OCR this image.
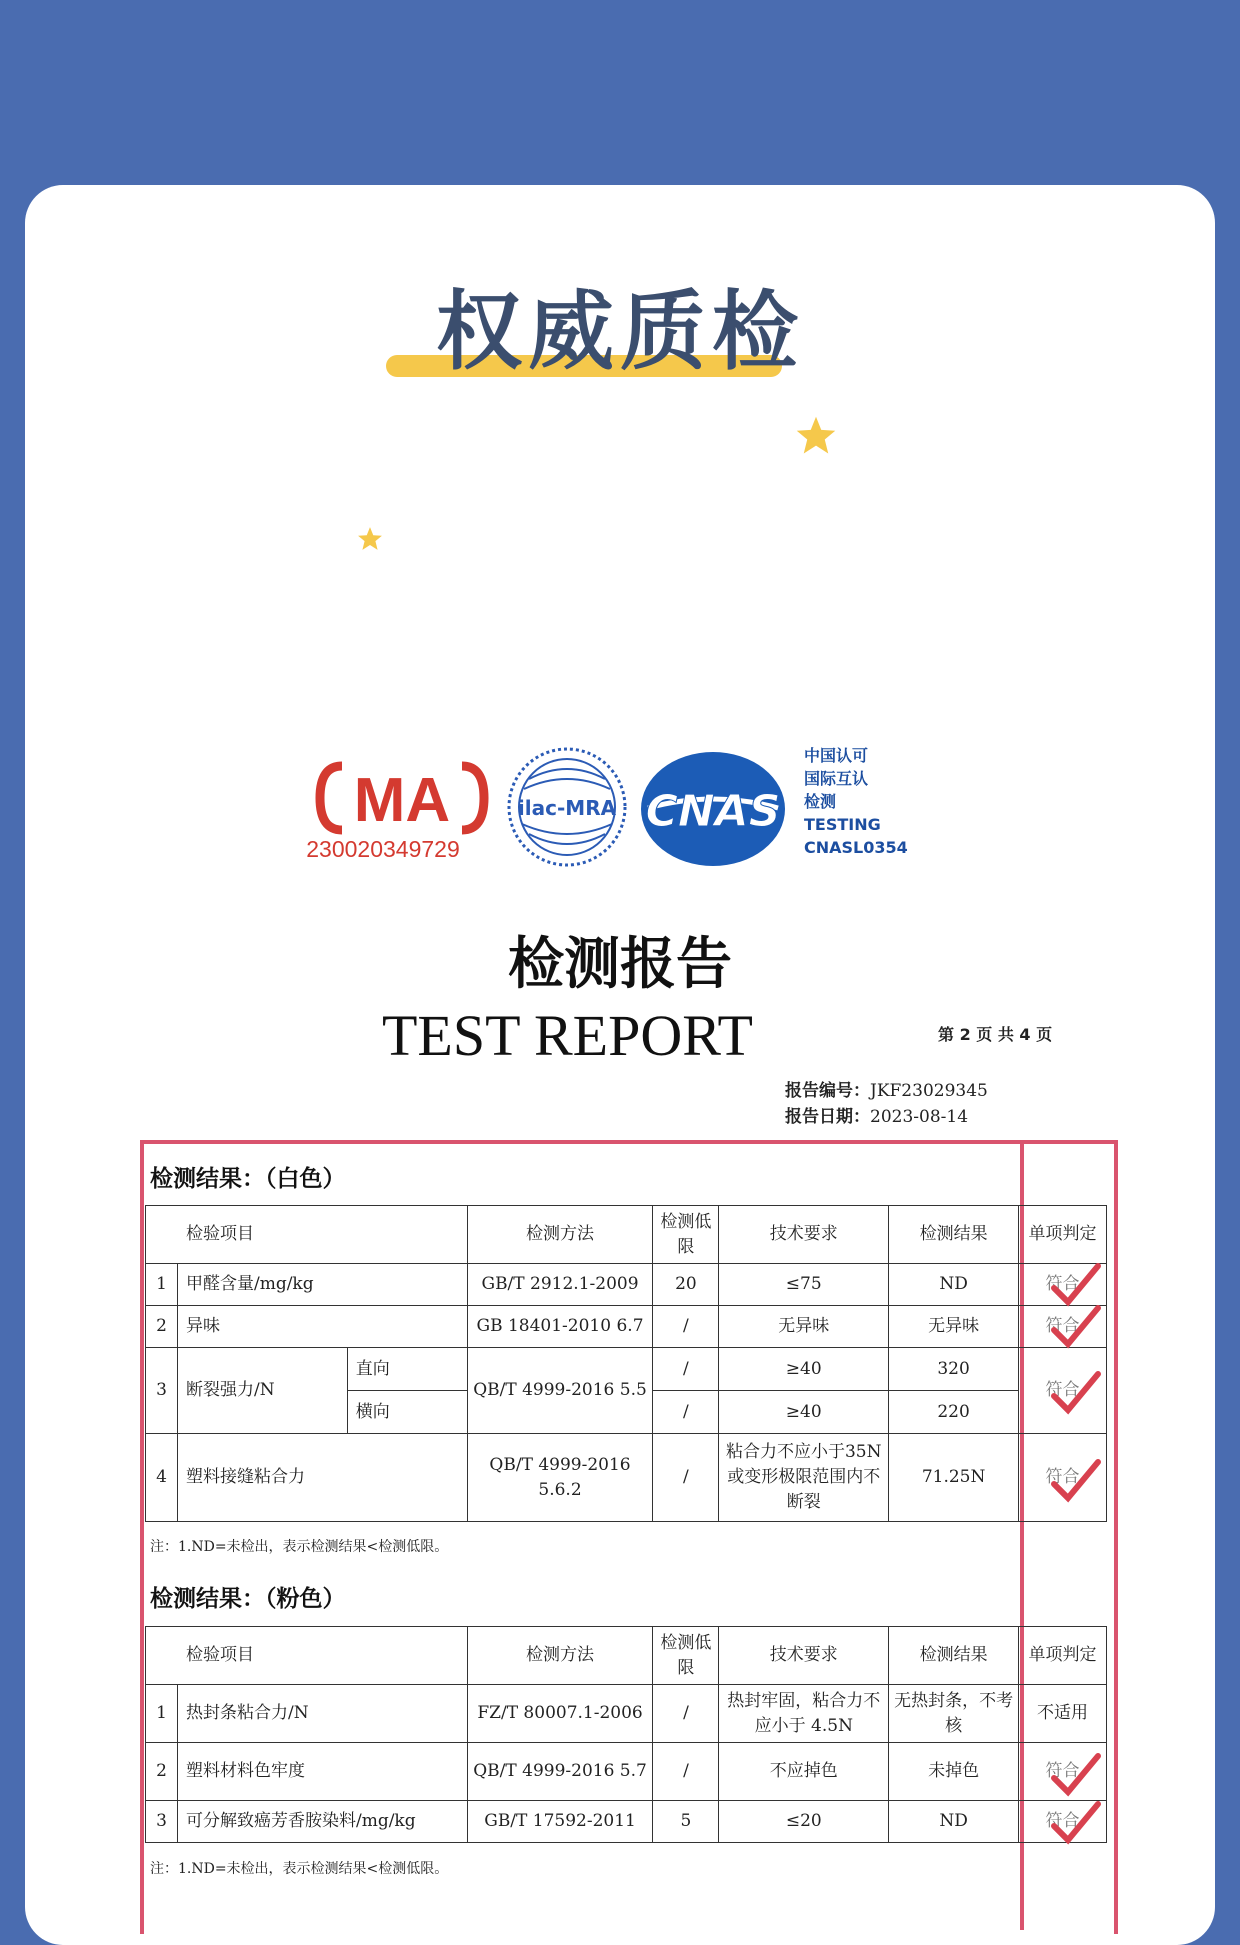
权威质检
MA
230020349729
ilac-MRA CNAS
中国认可
国际互认
检测
TESTING
CNASL0354
检测报告
TEST REPORT	第 2 页 共 4 页
报告编号：JKF23029345
报告日期：2023-08-14
检测结果：（白色）
检验项目			检测方法	检测低限	技术要求	检测结果	单项判定
1	甲醛含量/mg/kg		GB/T 2912.1-2009	20	≤75	ND	符合
2	异味		GB 18401-2010 6.7	/	无异味	无异味	符合
3	断裂强力/N	直向	QB/T 4999-2016 5.5	/	≥40	320	符合
		横向		/	≥40	220	
4	塑料接缝粘合力		QB/T 4999-2016 5.6.2	/	粘合力不应小于35N 或变形极限范围内不断裂	71.25N	符合
注：1.ND=未检出，表示检测结果<检测低限。
检测结果：（粉色）
检验项目		检测方法	检测低限	技术要求	检测结果	单项判定
1	热封条粘合力/N	FZ/T 80007.1-2006	/	热封牢固，粘合力不应小于 4.5N	无热封条，不考核	不适用
2	塑料材料色牢度	QB/T 4999-2016 5.7	/	不应掉色	未掉色	符合
3	可分解致癌芳香胺染料/mg/kg	GB/T 17592-2011	5	≤20	ND	符合
注：1.ND=未检出，表示检测结果<检测低限。
